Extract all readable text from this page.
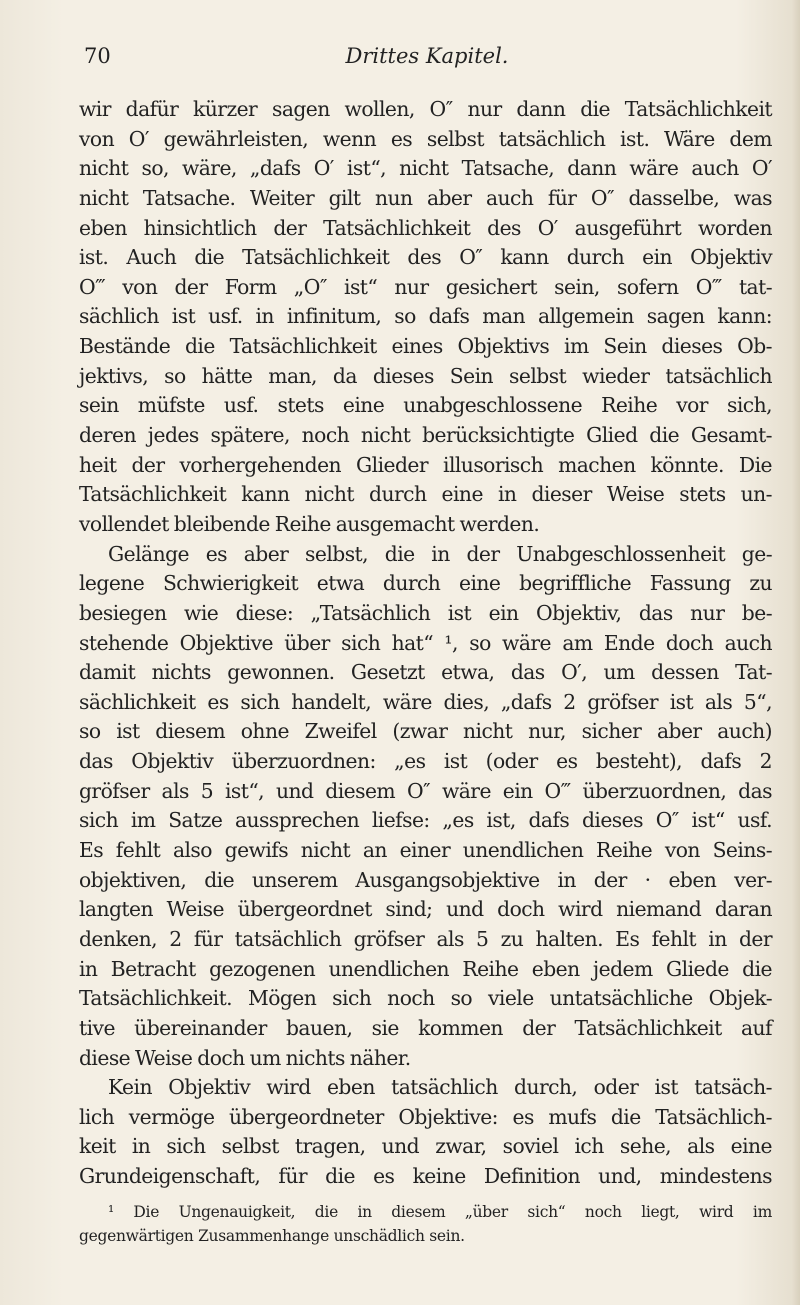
70	Drittes Kapitel.
wir dafür kürzer sagen wollen, O″ nur dann die Tatsächlichkeit
von O′ gewährleisten, wenn es selbst tatsächlich ist. Wäre dem
nicht so, wäre, „dafs O′ ist“, nicht Tatsache, dann wäre auch O′
nicht Tatsache. Weiter gilt nun aber auch für O″ dasselbe, was
eben hinsichtlich der Tatsächlichkeit des O′ ausgeführt worden
ist. Auch die Tatsächlichkeit des O″ kann durch ein Objektiv
O‴ von der Form „O″ ist“ nur gesichert sein, sofern O‴ tat-
sächlich ist usf. in infinitum, so dafs man allgemein sagen kann:
Bestände die Tatsächlichkeit eines Objektivs im Sein dieses Ob-
jektivs, so hätte man, da dieses Sein selbst wieder tatsächlich
sein müfste usf. stets eine unabgeschlossene Reihe vor sich,
deren jedes spätere, noch nicht berücksichtigte Glied die Gesamt-
heit der vorhergehenden Glieder illusorisch machen könnte. Die
Tatsächlichkeit kann nicht durch eine in dieser Weise stets un-
vollendet bleibende Reihe ausgemacht werden.
Gelänge es aber selbst, die in der Unabgeschlossenheit ge-
legene Schwierigkeit etwa durch eine begriffliche Fassung zu
besiegen wie diese: „Tatsächlich ist ein Objektiv, das nur be-
stehende Objektive über sich hat“ ¹, so wäre am Ende doch auch
damit nichts gewonnen. Gesetzt etwa, das O′, um dessen Tat-
sächlichkeit es sich handelt, wäre dies, „dafs 2 gröfser ist als 5“,
so ist diesem ohne Zweifel (zwar nicht nur, sicher aber auch)
das Objektiv überzuordnen: „es ist (oder es besteht), dafs 2
gröfser als 5 ist“, und diesem O″ wäre ein O‴ überzuordnen, das
sich im Satze aussprechen liefse: „es ist, dafs dieses O″ ist“ usf.
Es fehlt also gewifs nicht an einer unendlichen Reihe von Seins-
objektiven, die unserem Ausgangsobjektive in der · eben ver-
langten Weise übergeordnet sind; und doch wird niemand daran
denken, 2 für tatsächlich gröfser als 5 zu halten. Es fehlt in der
in Betracht gezogenen unendlichen Reihe eben jedem Gliede die
Tatsächlichkeit. Mögen sich noch so viele untatsächliche Objek-
tive übereinander bauen, sie kommen der Tatsächlichkeit auf
diese Weise doch um nichts näher.
Kein Objektiv wird eben tatsächlich durch, oder ist tatsäch-
lich vermöge übergeordneter Objektive: es mufs die Tatsächlich-
keit in sich selbst tragen, und zwar, soviel ich sehe, als eine
Grundeigenschaft, für die es keine Definition und, mindestens
¹ Die Ungenauigkeit, die in diesem „über sich“ noch liegt, wird im
gegenwärtigen Zusammenhange unschädlich sein.
